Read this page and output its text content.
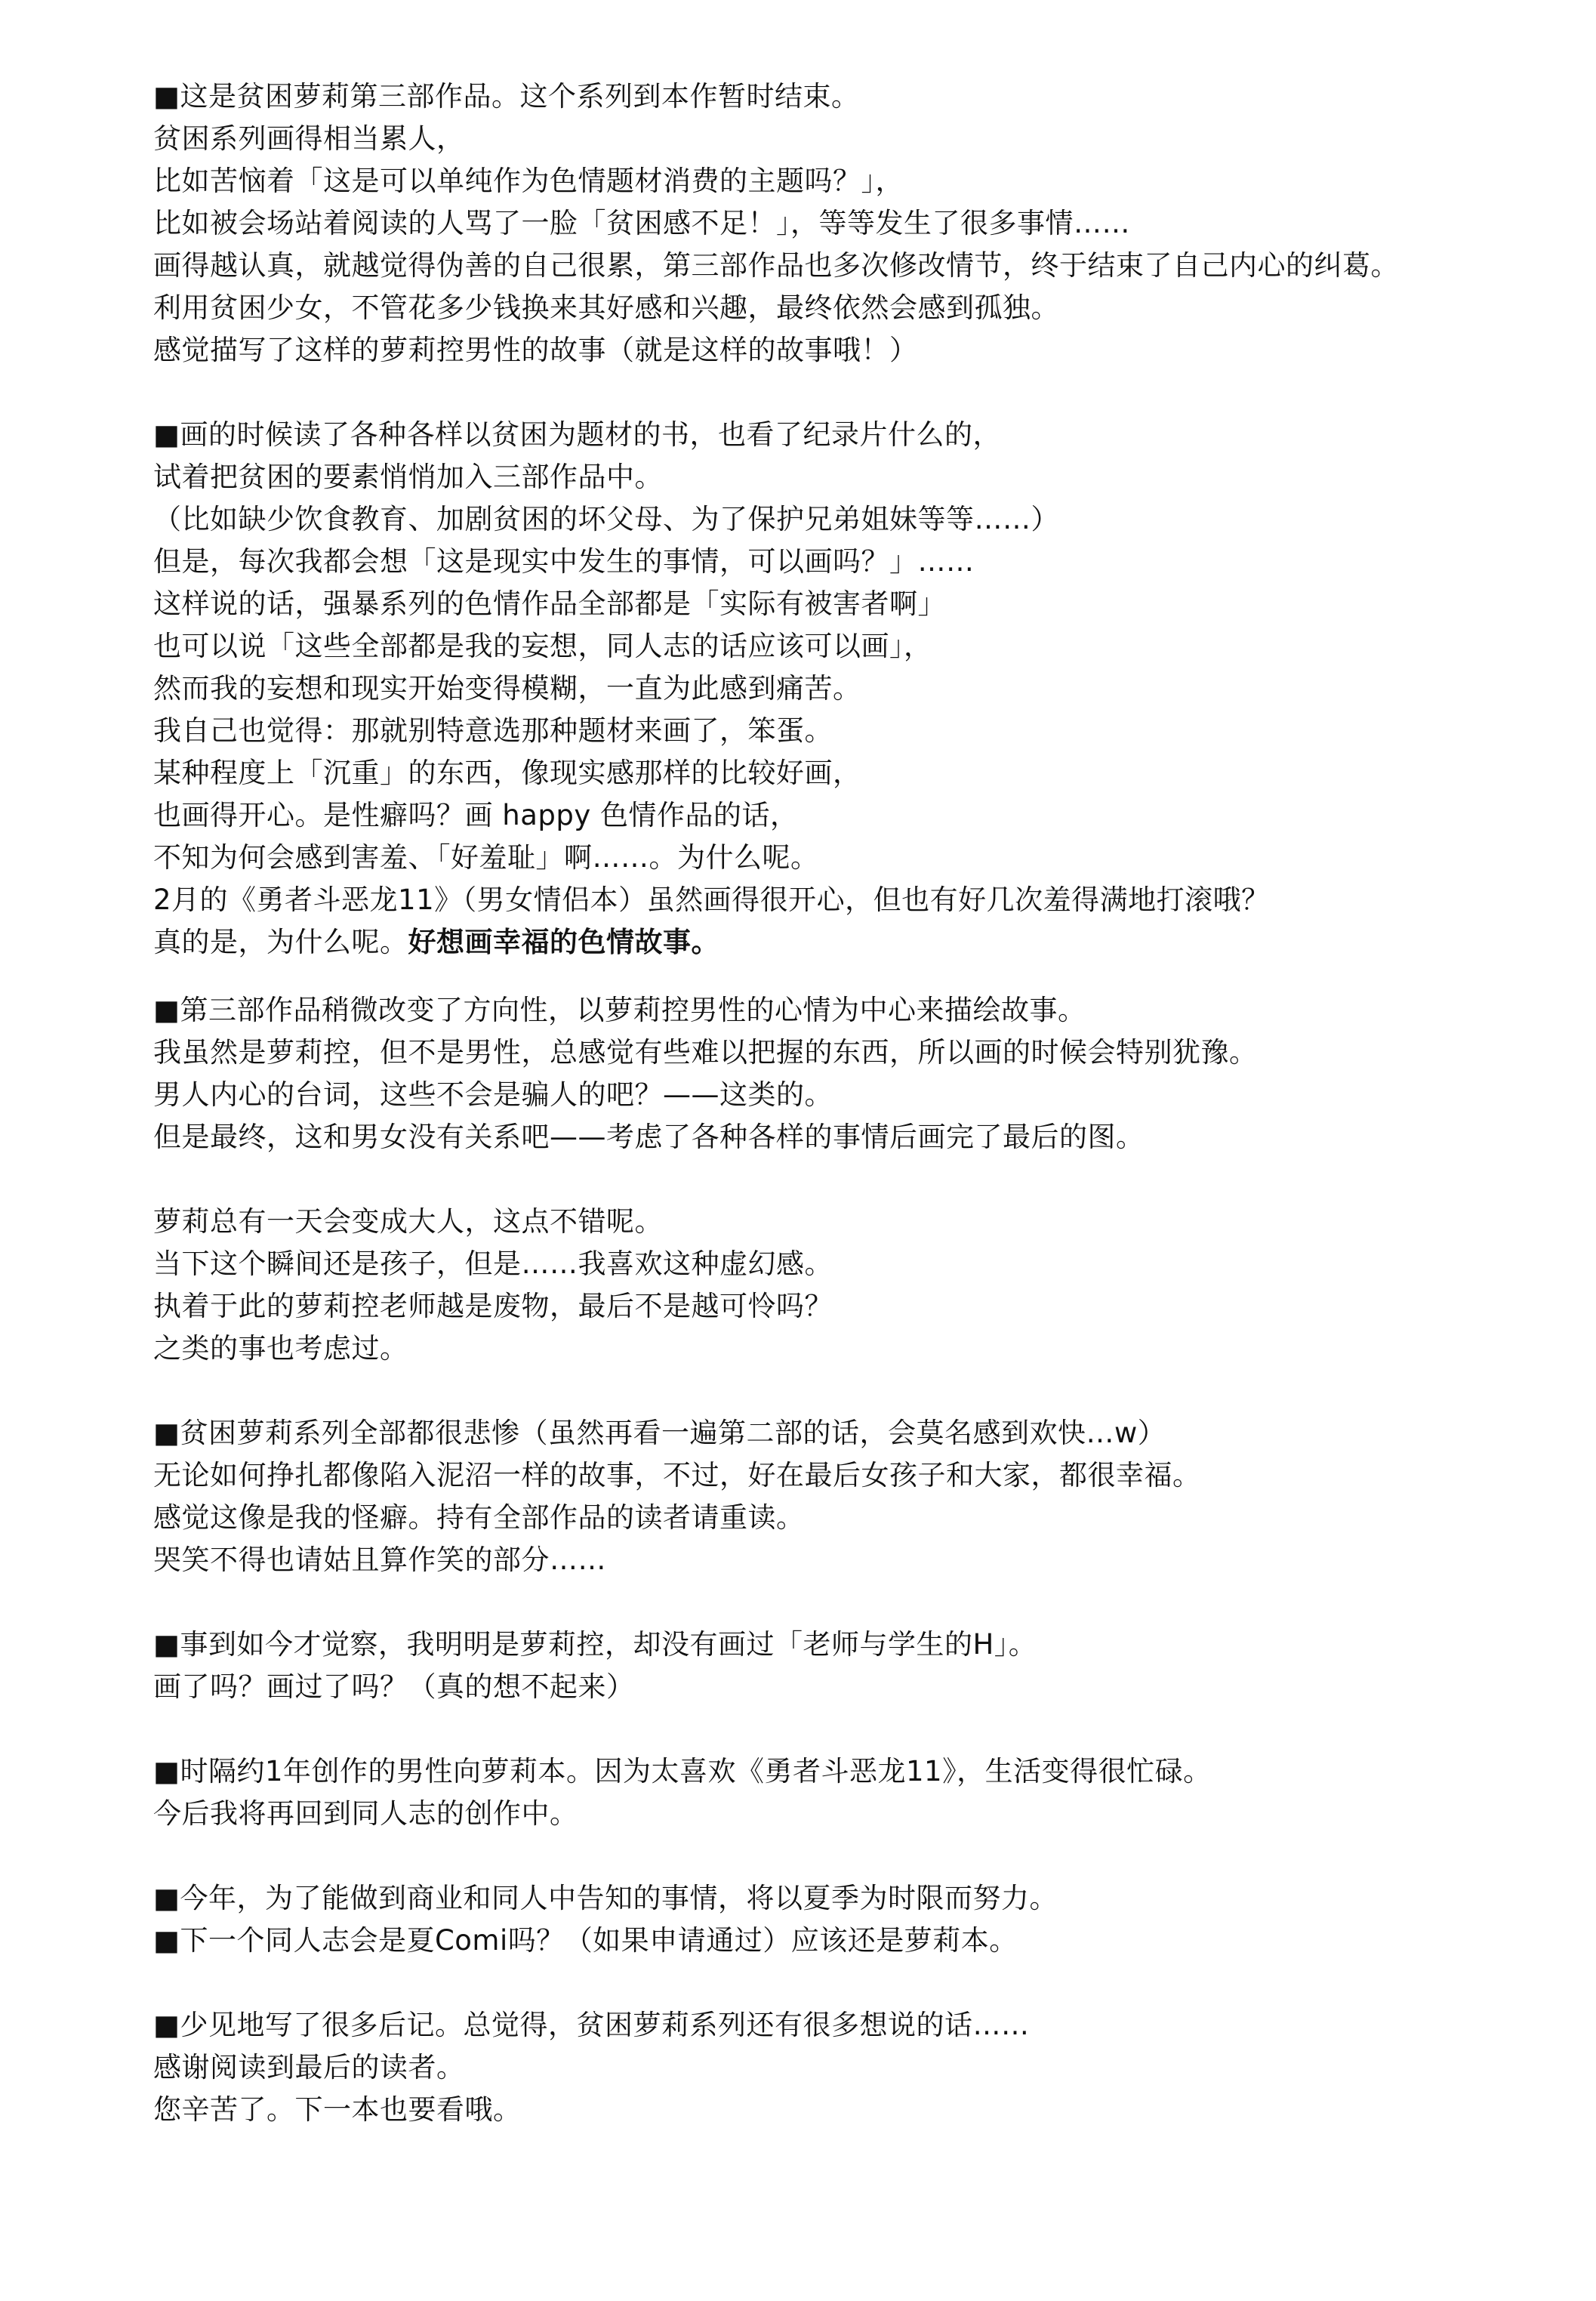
■这是贫困萝莉第三部作品。这个系列到本作暂时结束。
贫困系列画得相当累人，
比如苦恼着「这是可以单纯作为色情题材消费的主题吗？」，
比如被会场站着阅读的人骂了一脸「贫困感不足！」，等等发生了很多事情……
画得越认真，就越觉得伪善的自己很累，第三部作品也多次修改情节，终于结束了自己内心的纠葛。
利用贫困少女，不管花多少钱换来其好感和兴趣，最终依然会感到孤独。
感觉描写了这样的萝莉控男性的故事（就是这样的故事哦！）
■画的时候读了各种各样以贫困为题材的书，也看了纪录片什么的，
试着把贫困的要素悄悄加入三部作品中。
（比如缺少饮食教育、加剧贫困的坏父母、为了保护兄弟姐妹等等……）
但是，每次我都会想「这是现实中发生的事情，可以画吗？」……
这样说的话，强暴系列的色情作品全部都是「实际有被害者啊」
也可以说「这些全部都是我的妄想，同人志的话应该可以画」，
然而我的妄想和现实开始变得模糊，一直为此感到痛苦。
我自己也觉得：那就别特意选那种题材来画了，笨蛋。
某种程度上「沉重」的东西，像现实感那样的比较好画，
也画得开心。是性癖吗？画 happy 色情作品的话，
不知为何会感到害羞、「好羞耻」啊……。为什么呢。
2月的《勇者斗恶龙11》（男女情侣本）虽然画得很开心，但也有好几次羞得满地打滚哦？
真的是，为什么呢。好想画幸福的色情故事。
■第三部作品稍微改变了方向性，以萝莉控男性的心情为中心来描绘故事。
我虽然是萝莉控，但不是男性，总感觉有些难以把握的东西，所以画的时候会特别犹豫。
男人内心的台词，这些不会是骗人的吧？——这类的。
但是最终，这和男女没有关系吧——考虑了各种各样的事情后画完了最后的图。
萝莉总有一天会变成大人，这点不错呢。
当下这个瞬间还是孩子，但是……我喜欢这种虚幻感。
执着于此的萝莉控老师越是废物，最后不是越可怜吗？
之类的事也考虑过。
■贫困萝莉系列全部都很悲惨（虽然再看一遍第二部的话，会莫名感到欢快…w）
无论如何挣扎都像陷入泥沼一样的故事，不过，好在最后女孩子和大家，都很幸福。
感觉这像是我的怪癖。持有全部作品的读者请重读。
哭笑不得也请姑且算作笑的部分……
■事到如今才觉察，我明明是萝莉控，却没有画过「老师与学生的H」。
画了吗？画过了吗？（真的想不起来）
■时隔约1年创作的男性向萝莉本。因为太喜欢《勇者斗恶龙11》，生活变得很忙碌。
今后我将再回到同人志的创作中。
■今年，为了能做到商业和同人中告知的事情，将以夏季为时限而努力。
■下一个同人志会是夏Comi吗？（如果申请通过）应该还是萝莉本。
■少见地写了很多后记。总觉得，贫困萝莉系列还有很多想说的话……
感谢阅读到最后的读者。
您辛苦了。下一本也要看哦。
